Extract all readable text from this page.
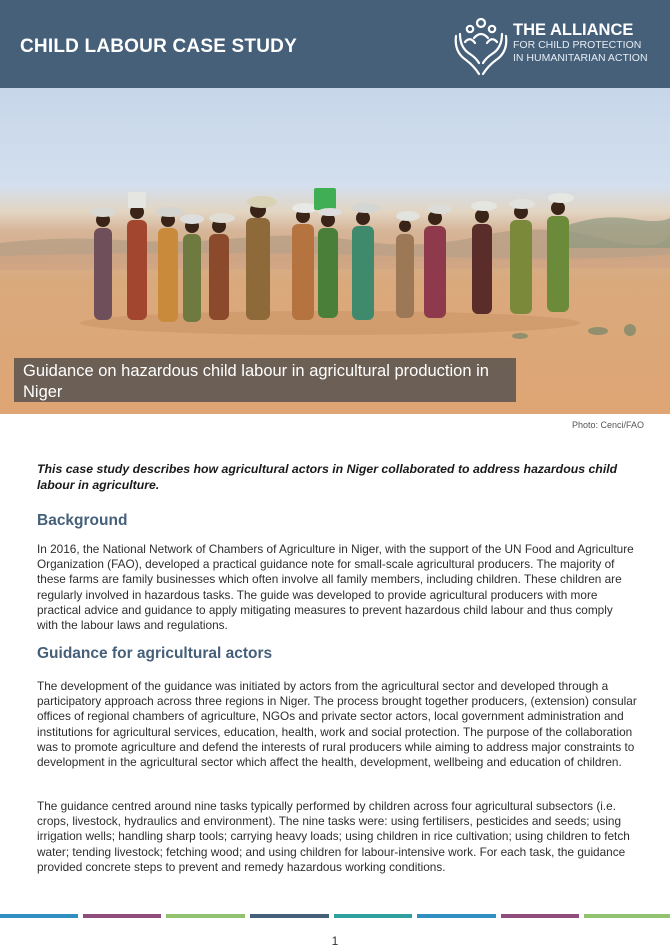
CHILD LABOUR CASE STUDY
THE ALLIANCE
FOR CHILD PROTECTION
IN HUMANITARIAN ACTION
Guidance on hazardous child labour in agricultural production in Niger
Photo: Cenci/FAO
This case study describes how agricultural actors in Niger collaborated to address hazardous child labour in agriculture.
Background
In 2016, the National Network of Chambers of Agriculture in Niger, with the support of the UN Food and Agriculture Organization (FAO), developed a practical guidance note for small-scale agricultural producers. The majority of these farms are family businesses which often involve all family members, including children. These children are regularly involved in hazardous tasks. The guide was developed to provide agricultural producers with more practical advice and guidance to apply mitigating measures to prevent hazardous child labour and thus comply with the labour laws and regulations.
Guidance for agricultural actors
The development of the guidance was initiated by actors from the agricultural sector and developed through a participatory approach across three regions in Niger. The process brought together producers, (extension) consular offices of regional chambers of agriculture, NGOs and private sector actors, local government administration and institutions for agricultural services, education, health, work and social protection. The purpose of the collaboration was to promote agriculture and defend the interests of rural producers while aiming to address major constraints to development in the agricultural sector which affect the health, development, wellbeing and education of children.
The guidance centred around nine tasks typically performed by children across four agricultural subsectors (i.e. crops, livestock, hydraulics and environment). The nine tasks were: using fertilisers, pesticides and seeds; using irrigation wells; handling sharp tools; carrying heavy loads; using children in rice cultivation; using children to fetch water; tending livestock; fetching wood; and using children for labour-intensive work. For each task, the guidance provided concrete steps to prevent and remedy hazardous working conditions.
1
